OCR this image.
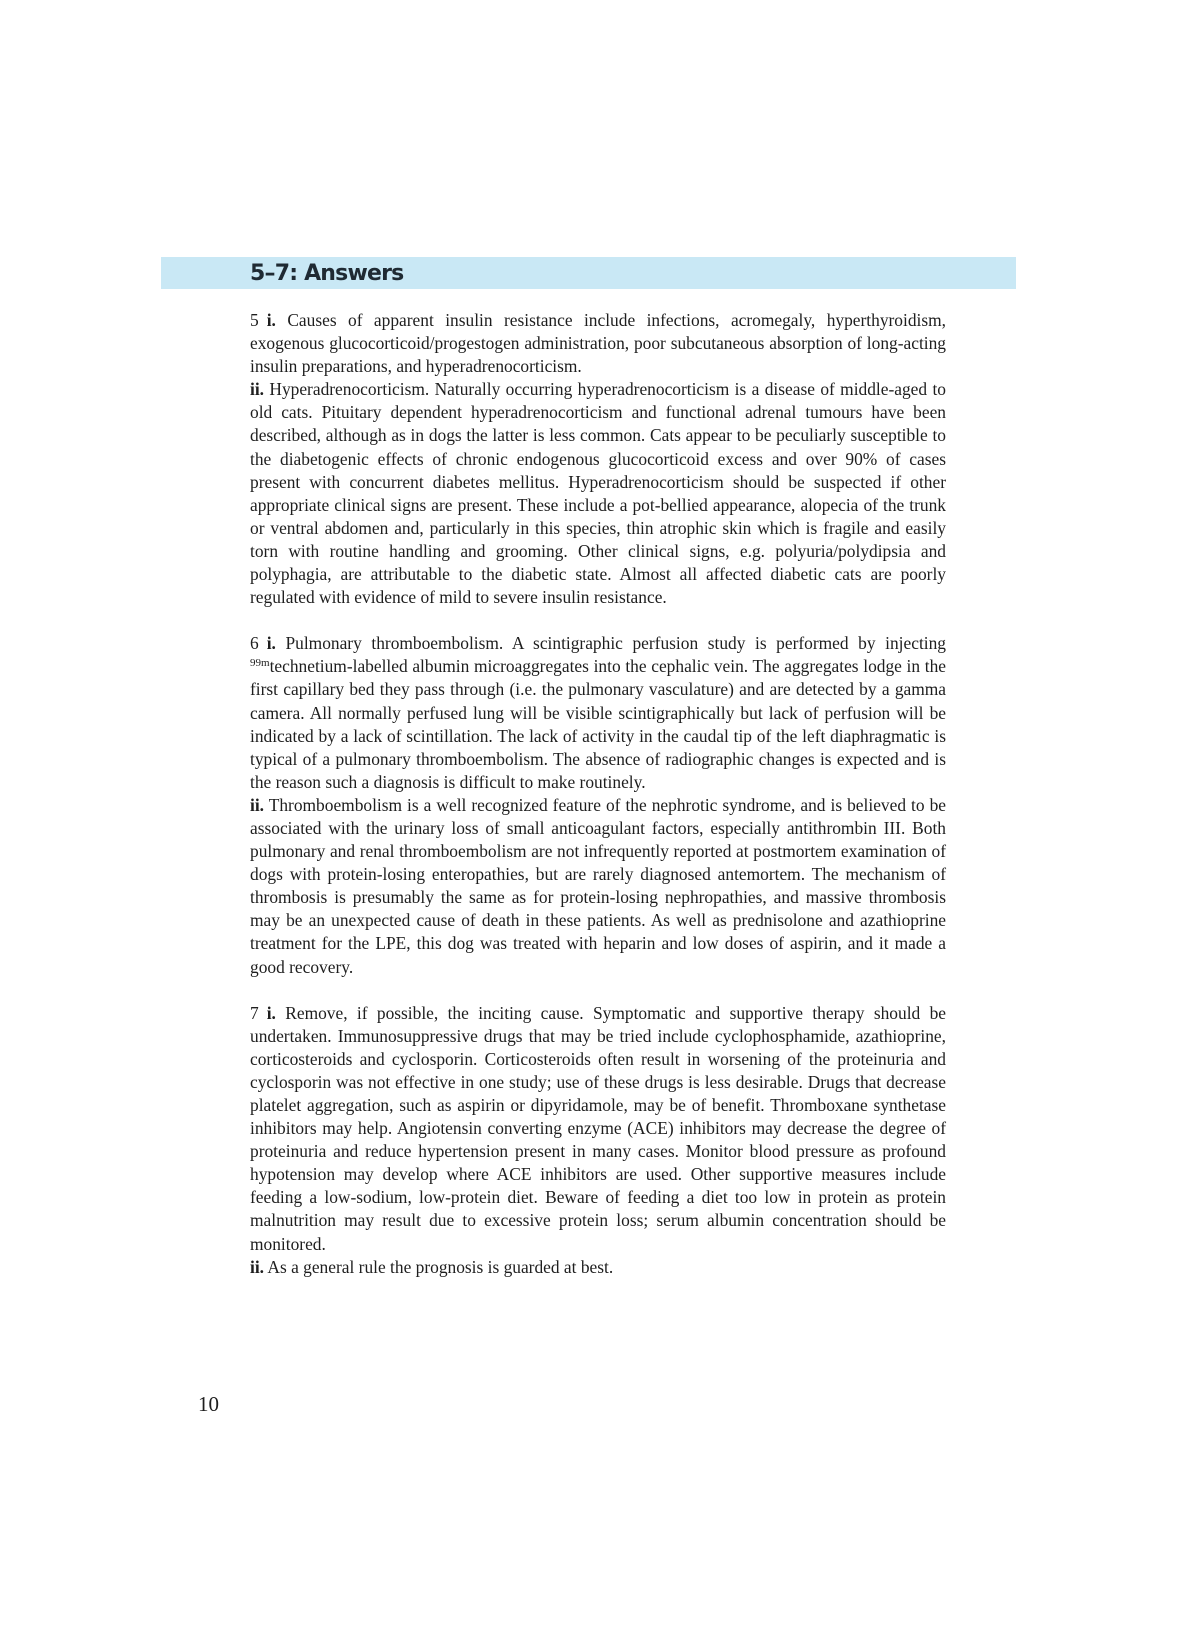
5–7: Answers

5 i. Causes of apparent insulin resistance include infections, acromegaly, hyperthyroidism, exogenous glucocorticoid/progestogen administration, poor subcutaneous absorption of long-acting insulin preparations, and hyperadrenocorticism.

ii. Hyperadrenocorticism. Naturally occurring hyperadrenocorticism is a disease of middle-aged to old cats. Pituitary dependent hyperadrenocorticism and functional adrenal tumours have been described, although as in dogs the latter is less common. Cats appear to be peculiarly susceptible to the diabetogenic effects of chronic endogenous glucocorticoid excess and over 90% of cases present with concurrent diabetes mellitus. Hyperadrenocorticism should be suspected if other appropriate clinical signs are present. These include a pot-bellied appearance, alopecia of the trunk or ventral abdomen and, particularly in this species, thin atrophic skin which is fragile and easily torn with routine handling and grooming. Other clinical signs, e.g. polyuria/polydipsia and polyphagia, are attributable to the diabetic state. Almost all affected diabetic cats are poorly regulated with evidence of mild to severe insulin resistance.

6 i. Pulmonary thromboembolism. A scintigraphic perfusion study is performed by injecting $^{99m}$technetium-labelled albumin microaggregates into the cephalic vein. The aggregates lodge in the first capillary bed they pass through (i.e. the pulmonary vasculature) and are detected by a gamma camera. All normally perfused lung will be visible scintigraphically but lack of perfusion will be indicated by a lack of scintillation. The lack of activity in the caudal tip of the left diaphragmatic is typical of a pulmonary thromboembolism. The absence of radiographic changes is expected and is the reason such a diagnosis is difficult to make routinely.

ii. Thromboembolism is a well recognized feature of the nephrotic syndrome, and is believed to be associated with the urinary loss of small anticoagulant factors, especially antithrombin III. Both pulmonary and renal thromboembolism are not infrequently reported at postmortem examination of dogs with protein-losing enteropathies, but are rarely diagnosed antemortem. The mechanism of thrombosis is presumably the same as for protein-losing nephropathies, and massive thrombosis may be an unexpected cause of death in these patients. As well as prednisolone and azathioprine treatment for the LPE, this dog was treated with heparin and low doses of aspirin, and it made a good recovery.

7 i. Remove, if possible, the inciting cause. Symptomatic and supportive therapy should be undertaken. Immunosuppressive drugs that may be tried include cyclophosphamide, azathioprine, corticosteroids and cyclosporin. Corticosteroids often result in worsening of the proteinuria and cyclosporin was not effective in one study; use of these drugs is less desirable. Drugs that decrease platelet aggregation, such as aspirin or dipyridamole, may be of benefit. Thromboxane synthetase inhibitors may help. Angiotensin converting enzyme (ACE) inhibitors may decrease the degree of proteinuria and reduce hypertension present in many cases. Monitor blood pressure as profound hypotension may develop where ACE inhibitors are used. Other supportive measures include feeding a low-sodium, low-protein diet. Beware of feeding a diet too low in protein as protein malnutrition may result due to excessive protein loss; serum albumin concentration should be monitored.

ii. As a general rule the prognosis is guarded at best.

10
